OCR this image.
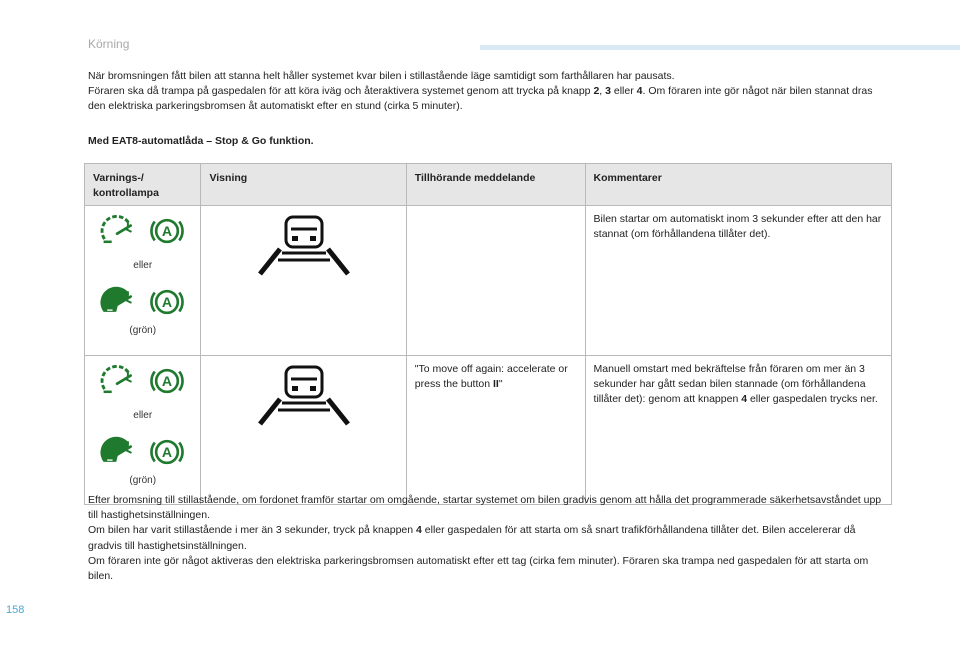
Körning
När bromsningen fått bilen att stanna helt håller systemet kvar bilen i stillastående läge samtidigt som farthållaren har pausats.
Föraren ska då trampa på gaspedalen för att köra iväg och återaktivera systemet genom att trycka på knapp 2, 3 eller 4. Om föraren inte gör något när bilen stannat dras den elektriska parkeringsbromsen åt automatiskt efter en stund (cirka 5 minuter).
Med EAT8-automatlåda – Stop & Go funktion.
Varnings-/ kontrollampa	Visning	Tillhörande meddelande	Kommentarer

eller
(grön)			Bilen startar om automatiskt inom 3 sekunder efter att den har stannat (om förhållandena tillåter det).

eller
(grön)		"To move off again: accelerate or press the button II"	Manuell omstart med bekräftelse från föraren om mer än 3 sekunder har gått sedan bilen stannade (om förhållandena tillåter det): genom att knappen 4 eller gaspedalen trycks ner.
Efter bromsning till stillastående, om fordonet framför startar om omgående, startar systemet om bilen gradvis genom att hålla det programmerade säkerhetsavståndet upp till hastighetsinställningen.
Om bilen har varit stillastående i mer än 3 sekunder, tryck på knappen 4 eller gaspedalen för att starta om så snart trafikförhållandena tillåter det. Bilen accelererar då gradvis till hastighetsinställningen.
Om föraren inte gör något aktiveras den elektriska parkeringsbromsen automatiskt efter ett tag (cirka fem minuter). Föraren ska trampa ned gaspedalen för att starta om bilen.
158
